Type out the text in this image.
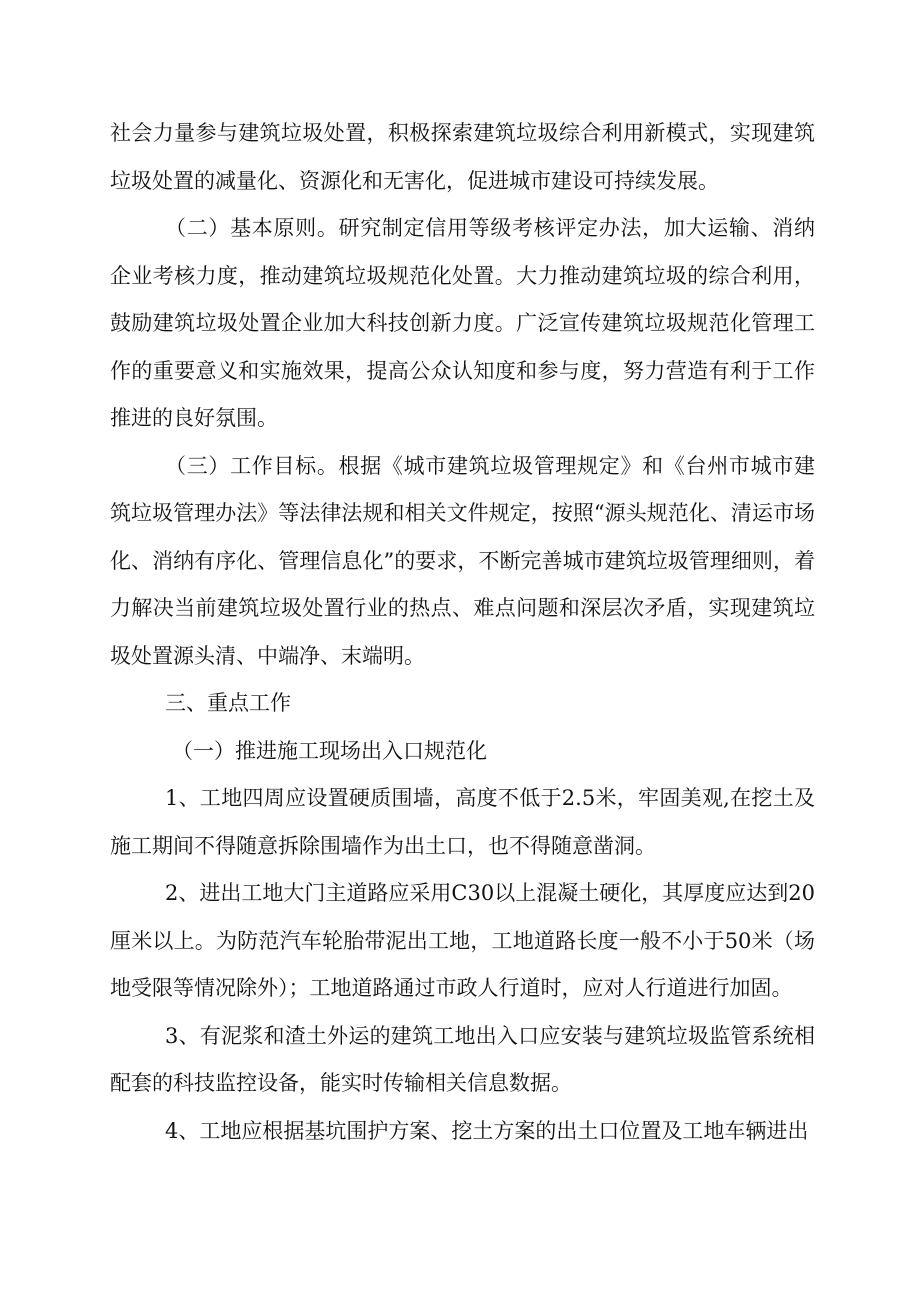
社会力量参与建筑垃圾处置，积极探索建筑垃圾综合利用新模式，实现建筑垃圾处置的减量化、资源化和无害化，促进城市建设可持续发展。

（二）基本原则。研究制定信用等级考核评定办法，加大运输、消纳企业考核力度，推动建筑垃圾规范化处置。大力推动建筑垃圾的综合利用，鼓励建筑垃圾处置企业加大科技创新力度。广泛宣传建筑垃圾规范化管理工作的重要意义和实施效果，提高公众认知度和参与度，努力营造有利于工作推进的良好氛围。

（三）工作目标。根据《城市建筑垃圾管理规定》和《台州市城市建筑垃圾管理办法》等法律法规和相关文件规定，按照“源头规范化、清运市场化、消纳有序化、管理信息化”的要求，不断完善城市建筑垃圾管理细则，着力解决当前建筑垃圾处置行业的热点、难点问题和深层次矛盾，实现建筑垃圾处置源头清、中端净、末端明。

三、重点工作

（一）推进施工现场出入口规范化

1、工地四周应设置硬质围墙，高度不低于2.5米，牢固美观,在挖土及施工期间不得随意拆除围墙作为出土口，也不得随意凿洞。

2、进出工地大门主道路应采用C30以上混凝土硬化，其厚度应达到20厘米以上。为防范汽车轮胎带泥出工地，工地道路长度一般不小于50米（场地受限等情况除外）；工地道路通过市政人行道时，应对人行道进行加固。

3、有泥浆和渣土外运的建筑工地出入口应安装与建筑垃圾监管系统相配套的科技监控设备，能实时传输相关信息数据。

4、工地应根据基坑围护方案、挖土方案的出土口位置及工地车辆进出
